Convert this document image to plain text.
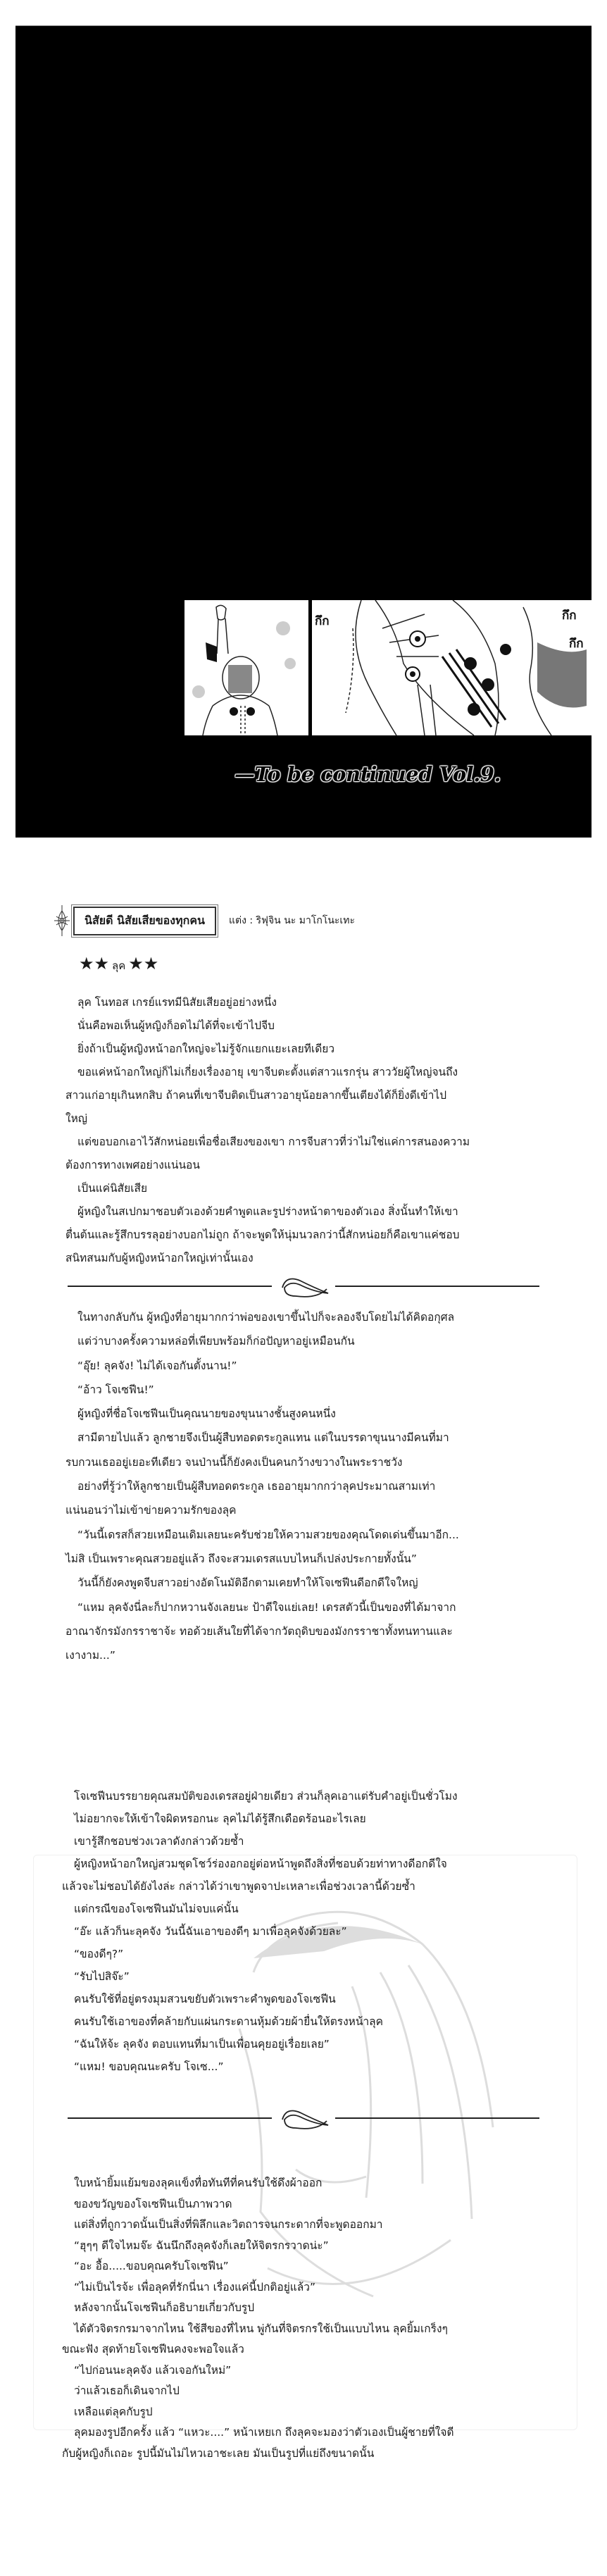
กึก	กึก
กึก
—To be continued Vol.9.
นิสัยดี นิสัยเสียของทุกคน	แต่ง : ริฟุจิน นะ มาโกโนะเทะ
★★ ลุค ★★
ลุค โนทอส เกรย์แรทมีนิสัยเสียอยู่อย่างหนึ่ง
นั่นคือพอเห็นผู้หญิงก็อดไม่ได้ที่จะเข้าไปจีบ
ยิ่งถ้าเป็นผู้หญิงหน้าอกใหญ่จะไม่รู้จักแยกแยะเลยทีเดียว
ขอแค่หน้าอกใหญ่ก็ไม่เกี่ยงเรื่องอายุ เขาจีบตะตั้งแต่สาวแรกรุ่น สาววัยผู้ใหญ่จนถึง
สาวแก่อายุเกินหกสิบ ถ้าคนที่เขาจีบติดเป็นสาวอายุน้อยลากขึ้นเตียงได้ก็ยิ่งดีเข้าไป
ใหญ่
แต่ขอบอกเอาไว้สักหน่อยเพื่อชื่อเสียงของเขา การจีบสาวที่ว่าไม่ใช่แค่การสนองความ
ต้องการทางเพศอย่างแน่นอน
เป็นแค่นิสัยเสีย
ผู้หญิงในสเปกมาชอบตัวเองด้วยคำพูดและรูปร่างหน้าตาของตัวเอง สิ่งนั้นทำให้เขา
ตื่นต้นและรู้สึกบรรลุอย่างบอกไม่ถูก ถ้าจะพูดให้นุ่มนวลกว่านี้สักหน่อยก็คือเขาแค่ชอบ
สนิทสนมกับผู้หญิงหน้าอกใหญ่เท่านั้นเอง
ในทางกลับกัน ผู้หญิงที่อายุมากกว่าพ่อของเขาขึ้นไปก็จะลองจีบโดยไม่ได้คิดอกุศล
แต่ว่าบางครั้งความหล่อที่เพียบพร้อมก็ก่อปัญหาอยู่เหมือนกัน
“อุ๊ย! ลุคจัง! ไม่ได้เจอกันตั้งนาน!”
“อ้าว โจเซฟีน!”
ผู้หญิงที่ชื่อโจเซฟีนเป็นคุณนายของขุนนางชั้นสูงคนหนึ่ง
สามีตายไปแล้ว ลูกชายจึงเป็นผู้สืบทอดตระกูลแทน แต่ในบรรดาขุนนางมีคนที่มา
รบกวนเธออยู่เยอะทีเดียว จนป่านนี้ก็ยังคงเป็นคนกว้างขวางในพระราชวัง
อย่างที่รู้ว่าให้ลูกชายเป็นผู้สืบทอดตระกูล เธออายุมากกว่าลุคประมาณสามเท่า
แน่นอนว่าไม่เข้าข่ายความรักของลุค
“วันนี้เดรสก็สวยเหมือนเดิมเลยนะครับช่วยให้ความสวยของคุณโดดเด่นขึ้นมาอีก...
ไม่สิ เป็นเพราะคุณสวยอยู่แล้ว ถึงจะสวมเดรสแบบไหนก็เปล่งประกายทั้งนั้น”
วันนี้ก็ยังคงพูดจีบสาวอย่างอัตโนมัติอีกตามเคยทำให้โจเซฟีนดีอกดีใจใหญ่
“แหม ลุคจังนี่ละก็ปากหวานจังเลยนะ ป้าดีใจแย่เลย! เดรสตัวนี้เป็นของที่ได้มาจาก
อาณาจักรมังกรราชาจ้ะ ทอด้วยเส้นใยที่ได้จากวัตถุดิบของมังกรราชาทั้งทนทานและ
เงางาม...”
โจเซฟีนบรรยายคุณสมบัติของเดรสอยู่ฝ่ายเดียว ส่วนก็ลุคเอาแต่รับคำอยู่เป็นชั่วโมง
ไม่อยากจะให้เข้าใจผิดหรอกนะ ลุคไม่ได้รู้สึกเดือดร้อนอะไรเลย
เขารู้สึกชอบช่วงเวลาดังกล่าวด้วยซ้ำ
ผู้หญิงหน้าอกใหญ่สวมชุดโชว์ร่องอกอยู่ต่อหน้าพูดถึงสิ่งที่ชอบด้วยท่าทางดีอกดีใจ
แล้วจะไม่ชอบได้ยังไงล่ะ กล่าวได้ว่าเขาพูดจาปะเหลาะเพื่อช่วงเวลานี้ด้วยซ้ำ
แต่กรณีของโจเซฟีนมันไม่จบแค่นั้น
“อ๊ะ แล้วก็นะลุคจัง วันนี้ฉันเอาของดีๆ มาเพื่อลุคจังด้วยละ”
“ของดีๆ?”
“รับไปสิจ๊ะ”
คนรับใช้ที่อยู่ตรงมุมสวนขยับตัวเพราะคำพูดของโจเซฟีน
คนรับใช้เอาของที่คล้ายกับแผ่นกระดานหุ้มด้วยผ้ายื่นให้ตรงหน้าลุค
“ฉันให้จ้ะ ลุคจัง ตอบแทนที่มาเป็นเพื่อนคุยอยู่เรื่อยเลย”
“แหม! ขอบคุณนะครับ โจเซ...”
ใบหน้ายิ้มแย้มของลุคแข็งทื่อทันทีที่คนรับใช้ดึงผ้าออก
ของขวัญของโจเซฟีนเป็นภาพวาด
แต่สิ่งที่ถูกวาดนั้นเป็นสิ่งที่พิลึกและวิตถารจนกระดากที่จะพูดออกมา
“ฮุๆๆ ดีใจไหมจ๊ะ ฉันนึกถึงลุคจังก็เลยให้จิตรกรวาดน่ะ”
“อะ อื้อ.....ขอบคุณครับโจเซฟีน”
“ไม่เป็นไรจ้ะ เพื่อลุคที่รักนี่นา เรื่องแค่นี้ปกติอยู่แล้ว”
หลังจากนั้นโจเซฟีนก็อธิบายเกี่ยวกับรูป
ได้ตัวจิตรกรมาจากไหน ใช้สีของที่ไหน พู่กันที่จิตรกรใช้เป็นแบบไหน ลุคยิ้มเกร็งๆ
ขณะฟัง สุดท้ายโจเซฟีนคงจะพอใจแล้ว
“ไปก่อนนะลุคจัง แล้วเจอกันใหม่”
ว่าแล้วเธอก็เดินจากไป
เหลือแต่ลุคกับรูป
ลุคมองรูปอีกครั้ง แล้ว “แหวะ....” หน้าเหยเก ถึงลุคจะมองว่าตัวเองเป็นผู้ชายที่ใจดี
กับผู้หญิงก็เถอะ รูปนี้มันไม่ไหวเอาชะเลย มันเป็นรูปที่แย่ถึงขนาดนั้น
